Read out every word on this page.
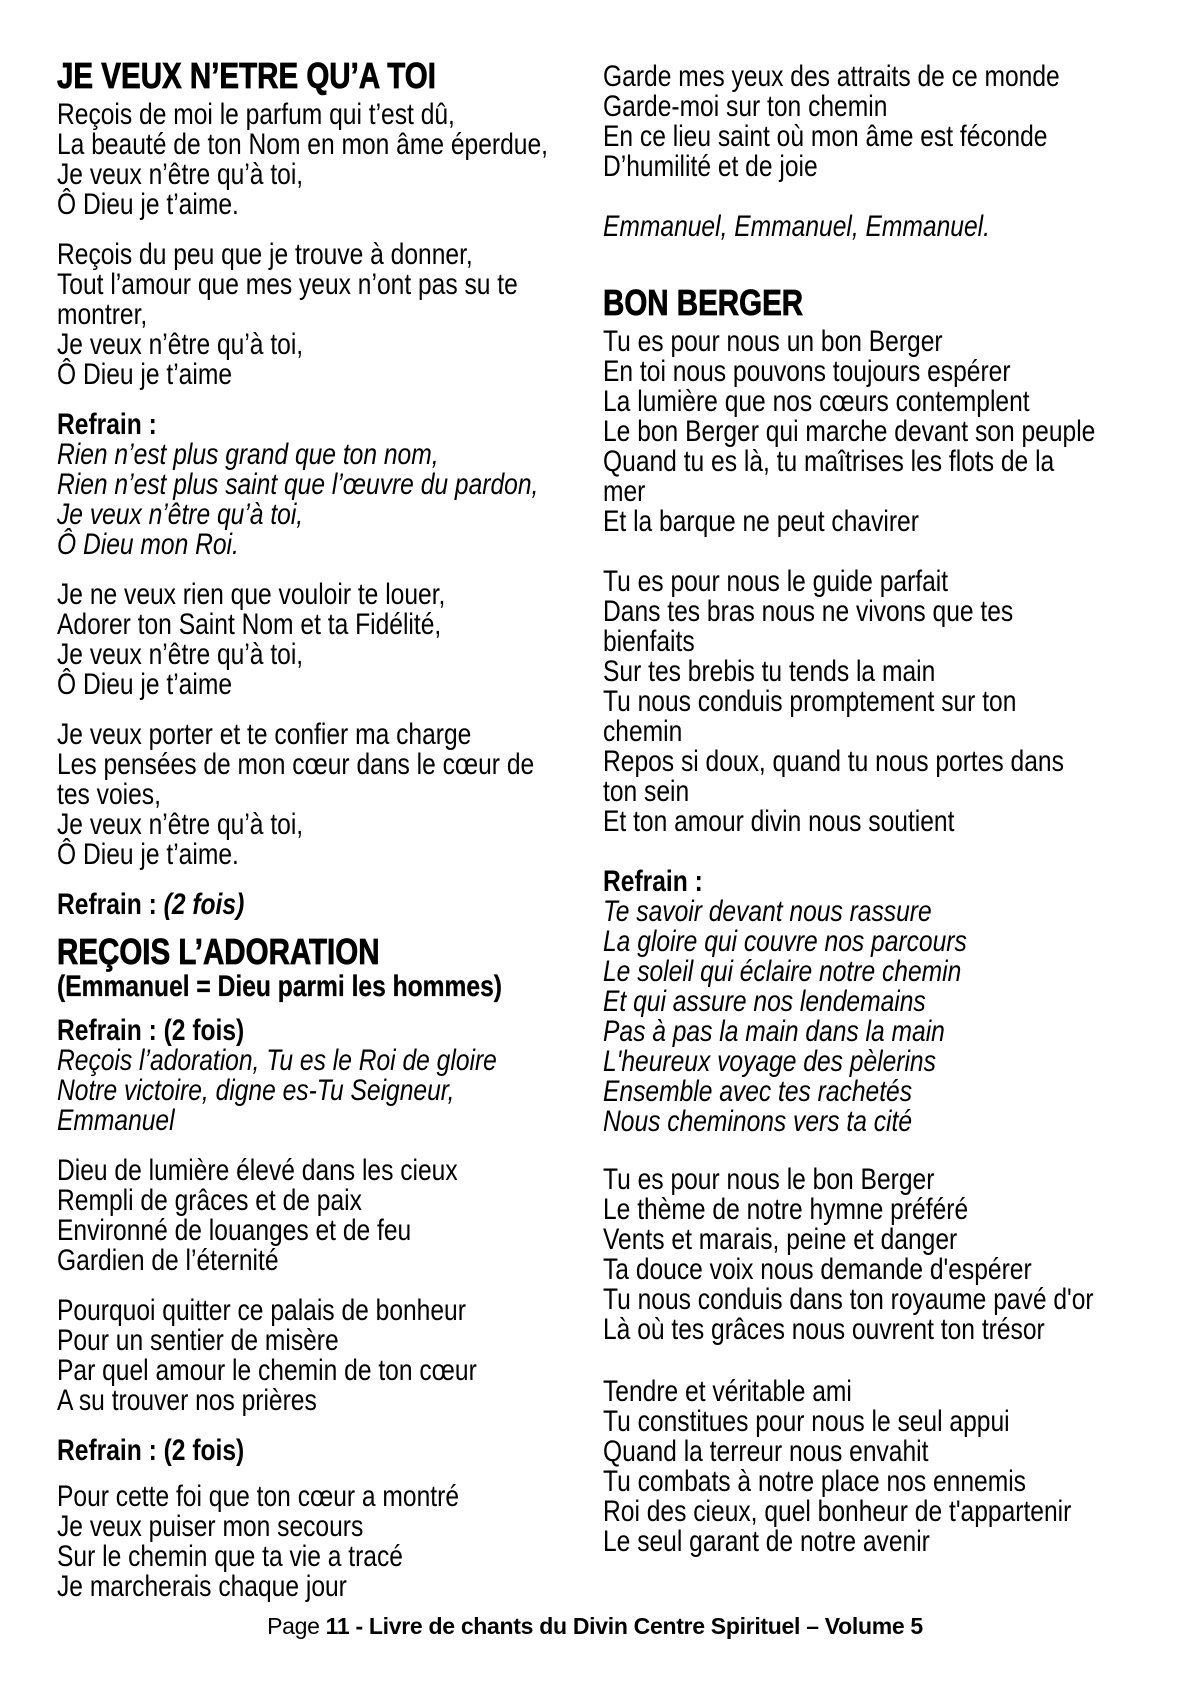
JE VEUX N’ETRE QU’A TOI
Reçois de moi le parfum qui t’est dû,
La beauté de ton Nom en mon âme éperdue,
Je veux n’être qu’à toi,
Ô Dieu je t’aime.
Reçois du peu que je trouve à donner,
Tout l’amour que mes yeux n’ont pas su te
montrer,
Je veux n’être qu’à toi,
Ô Dieu je t’aime
Refrain :
Rien n’est plus grand que ton nom,
Rien n’est plus saint que l’œuvre du pardon,
Je veux n’être qu’à toi,
Ô Dieu mon Roi.
Je ne veux rien que vouloir te louer,
Adorer ton Saint Nom et ta Fidélité,
Je veux n’être qu’à toi,
Ô Dieu je t’aime
Je veux porter et te confier ma charge
Les pensées de mon cœur dans le cœur de
tes voies,
Je veux n’être qu’à toi,
Ô Dieu je t’aime.
Refrain : (2 fois)
REÇOIS L’ADORATION
(Emmanuel = Dieu parmi les hommes)
Refrain : (2 fois)
Reçois l’adoration, Tu es le Roi de gloire
Notre victoire, digne es-Tu Seigneur,
Emmanuel
Dieu de lumière élevé dans les cieux
Rempli de grâces et de paix
Environné de louanges et de feu
Gardien de l’éternité
Pourquoi quitter ce palais de bonheur
Pour un sentier de misère
Par quel amour le chemin de ton cœur
A su trouver nos prières
Refrain : (2 fois)
Pour cette foi que ton cœur a montré
Je veux puiser mon secours
Sur le chemin que ta vie a tracé
Je marcherais chaque jour
Garde mes yeux des attraits de ce monde
Garde-moi sur ton chemin
En ce lieu saint où mon âme est féconde
D’humilité et de joie
Emmanuel, Emmanuel, Emmanuel.
BON BERGER
Tu es pour nous un bon Berger
En toi nous pouvons toujours espérer
La lumière que nos cœurs contemplent
Le bon Berger qui marche devant son peuple
Quand tu es là, tu maîtrises les flots de la
mer
Et la barque ne peut chavirer
Tu es pour nous le guide parfait
Dans tes bras nous ne vivons que tes
bienfaits
Sur tes brebis tu tends la main
Tu nous conduis promptement sur ton
chemin
Repos si doux, quand tu nous portes dans
ton sein
Et ton amour divin nous soutient
Refrain :
Te savoir devant nous rassure
La gloire qui couvre nos parcours
Le soleil qui éclaire notre chemin
Et qui assure nos lendemains
Pas à pas la main dans la main
L'heureux voyage des pèlerins
Ensemble avec tes rachetés
Nous cheminons vers ta cité
Tu es pour nous le bon Berger
Le thème de notre hymne préféré
Vents et marais, peine et danger
Ta douce voix nous demande d'espérer
Tu nous conduis dans ton royaume pavé d'or
Là où tes grâces nous ouvrent ton trésor
Tendre et véritable ami
Tu constitues pour nous le seul appui
Quand la terreur nous envahit
Tu combats à notre place nos ennemis
Roi des cieux, quel bonheur de t'appartenir
Le seul garant de notre avenir
Page 11 - Livre de chants du Divin Centre Spirituel – Volume 5
